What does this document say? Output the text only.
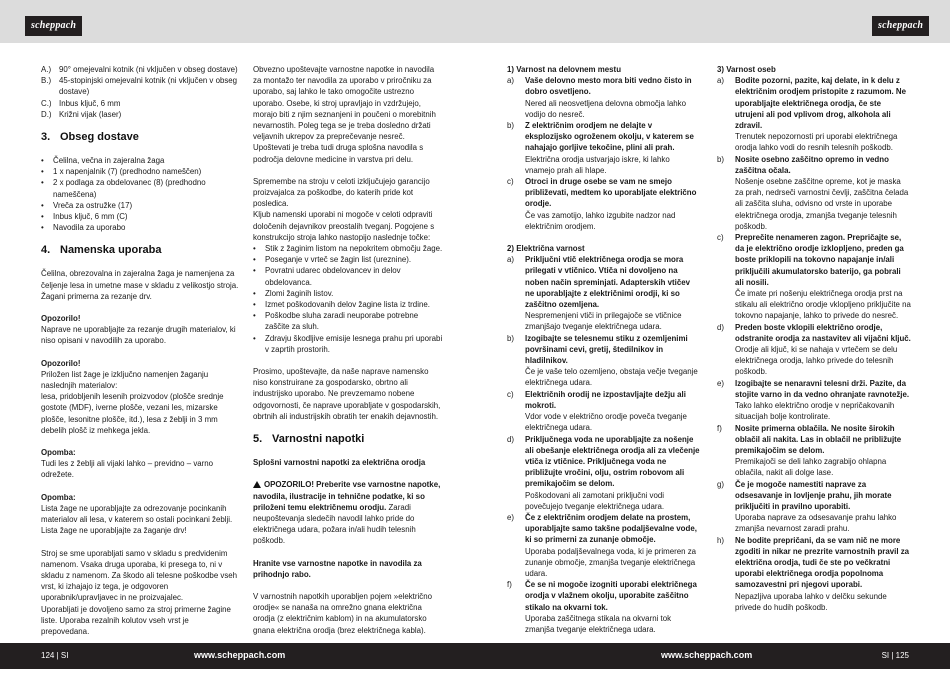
scheppach	scheppach
A.) 90° omejevalni kotnik (ni vključen v obseg dostave)
B.) 45-stopinjski omejevalni kotnik (ni vključen v obseg dostave)
C.) Inbus ključ, 6 mm
D.) Križni vijak (laser)
3. Obseg dostave
• Čelilna, večna in zajeralna žaga
• 1 x napenjalnik (7) (predhodno nameščen)
• 2 x podlaga za obdelovanec (8) (predhodno nameščena)
• Vreča za ostružke (17)
• Inbus ključ, 6 mm (C)
• Navodila za uporabo
4. Namenska uporaba

Čelilna, obrezovalna in zajeralna žaga je namenjena za čeljenje lesa in umetne mase v skladu z velikostjo stroja. Žagani primerna za rezanje drv.

Opozorilo!

Naprave ne uporabljajte za rezanje drugih materialov, ki niso opisani v navodilih za uporabo.

Opozorilo!

Priložen list žage je izključno namenjen žaganju naslednjih materialov:
lesa, pridobljenih lesenih proizvodov (plošče srednje gostote (MDF), iverne plošče, vezani les, mizarske plošče, lesonitne plošče, itd.), lesa z žeblji in 3 mm debelih plošč iz mehkega jekla.

Opomba:

Tudi les z žeblji ali vijaki lahko – previdno – varno odrežete.

Opomba:

Lista žage ne uporabljajte za odrezovanje pocinkanih materialov ali lesa, v katerem so ostali pocinkani žeblji. Lista žage ne uporabljajte za žaganje drv!

Stroj se sme uporabljati samo v skladu s predvidenim namenom. Vsaka druga uporaba, ki presega to, ni v skladu z namenom. Za škodo ali telesne poškodbe vseh vrst, ki izhajajo iz tega, je odgovoren uporabnik/upravljavec in ne proizvajalec.
Uporabljati je dovoljeno samo za stroj primerne žagine liste. Uporaba rezalnih kolutov vseh vrst je prepovedana.

Obvezno upoštevajte varnostne napotke in navodila za montažo ter navodila za uporabo v priročniku za uporabo, saj lahko le tako omogočite ustrezno uporabo. Osebe, ki stroj upravljajo in vzdržujejo, morajo biti z njim seznanjeni in poučeni o morebitnih nevarnostih. Poleg tega se je treba dosledno držati veljavnih ukrepov za preprečevanje nesreč.
Upoštevati je treba tudi druga splošna navodila s področja delovne medicine in varstva pri delu.

Spremembe na stroju v celoti izključujejo garancijo proizvajalca za poškodbe, do katerih pride kot posledica.
Kljub namenski uporabi ni mogoče v celoti odpraviti določenih dejavnikov preostalih tveganj. Pogojene s konstrukcijo stroja lahko nastopijo naslednje točke:

• Stik z žaginim listom na nepokritem območju žage.
• Poseganje v vrteč se žagin list (ureznine).
• Povratni udarec obdelovancev in delov obdelovanca.
• Zlomi žaginih listov.
• Izmet poškodovanih delov žagine lista iz trdine.
• Poškodbe sluha zaradi neuporabe potrebne zaščite za sluh.
• Zdravju škodljive emisije lesnega prahu pri uporabi v zaprtih prostorih.

Prosimo, upoštevajte, da naše naprave namensko niso konstruirane za gospodarsko, obrtno ali industrijsko uporabo. Ne prevzemamo nobene odgovornosti, če naprave uporabljate v gospodarskih, obrtnih ali industrijskih obratih ter enakih dejavnostih.

5. Varnostni napotki

Splošni varnostni napotki za električna orodja

OPOZORILO! Preberite vse varnostne napotke, navodila, ilustracije in tehnične podatke, ki so priloženi temu električnemu orodju. Zaradi neupoštevanja sledečih navodil lahko pride do električnega udara, požara in/ali hudih telesnih poškodb.

Hranite vse varnostne napotke in navodila za prihodnjo rabo.

V varnostnih napotkih uporabljen pojem »električno orodje« se nanaša na omrežno gnana električna orodja (z električnim kablom) in na akumulatorsko gnana električna orodja (brez električnega kabla).

1) Varnost na delovnem mestu

a) Vaše delovno mesto mora biti vedno čisto in dobro osvetljeno.
Nered ali neosvetljena delovna območja lahko vodijo do nesreč.
b) Z električnim orodjem ne delajte v eksplozijsko ogroženem okolju, v katerem se nahajajo gorljive tekočine, plini ali prah.
Električna orodja ustvarjajo iskre, ki lahko vnamejo prah ali hlape.
c) Otroci in druge osebe se vam ne smejo približevati, medtem ko uporabljate električno orodje.
Če vas zamotijo, lahko izgubite nadzor nad električnim orodjem.

2) Električna varnost

a) Priključni vtič električnega orodja se mora prilegati v vtičnico. Vtiča ni dovoljeno na noben način spreminjati. Adapterskih vtičev ne uporabljajte z električnimi orodji, ki so zaščitno ozemljena.
Nespremenjeni vtiči in prilegajoče se vtičnice zmanjšajo tveganje električnega udara.
b) Izogibajte se telesnemu stiku z ozemljenimi površinami cevi, gretij, štedilnikov in hladilnikov.
Če je vaše telo ozemljeno, obstaja večje tveganje električnega udara.
c) Električnih orodij ne izpostavljajte dežju ali mokroti.
Vdor vode v električno orodje poveča tveganje električnega udara.
d) Priključnega voda ne uporabljajte za nošenje ali obešanje električnega orodja ali za vlečenje vtiča iz vtičnice. Priključnega voda ne približujte vročini, olju, ostrim robovom ali premikajočim se delom.
Poškodovani ali zamotani priključni vodi povečujejo tveganje električnega udara.
e) Če z električnim orodjem delate na prostem, uporabljajte samo takšne podaljševalne vode, ki so primerni za zunanje območje.
Uporaba podaljševalnega voda, ki je primeren za zunanje območje, zmanjša tveganje električnega udara.
f) Če se ni mogoče izogniti uporabi električnega orodja v vlažnem okolju, uporabite zaščitno stikalo na okvarni tok.
Uporaba zaščitnega stikala na okvarni tok zmanjša tveganje električnega udara.

3) Varnost oseb

a) Bodite pozorni, pazite, kaj delate, in k delu z električnim orodjem pristopite z razumom. Ne uporabljajte električnega orodja, če ste utrujeni ali pod vplivom drog, alkohola ali zdravil.
Trenutek nepozornosti pri uporabi električnega orodja lahko vodi do resnih telesnih poškodb.
b) Nosite osebno zaščitno opremo in vedno zaščitna očala.
Nošenje osebne zaščitne opreme, kot je maska za prah, nedrseči varnostni čevlji, zaščitna čelada ali zaščita sluha, odvisno od vrste in uporabe električnega orodja, zmanjša tveganje telesnih poškodb.
c) Preprečite nenameren zagon. Prepričajte se, da je električno orodje izklopljeno, preden ga boste priklopili na tokovno napajanje in/ali priključili akumulatorsko baterijo, ga pobrali ali nosili.
Če imate pri nošenju električnega orodja prst na stikalu ali električno orodje vklopljeno priključite na tokovno napajanje, lahko to privede do nesreč.
d) Preden boste vklopili električno orodje, odstranite orodja za nastavitev ali vijačni ključ.
Orodje ali ključ, ki se nahaja v vrtečem se delu električnega orodja, lahko privede do telesnih poškodb.
e) Izogibajte se nenaravni telesni drži. Pazite, da stojite varno in da vedno ohranjate ravnotežje.
Tako lahko električno orodje v nepričakovanih situacijah bolje kontrolirate.
f) Nosite primerna oblačila. Ne nosite širokih oblačil ali nakita. Las in oblačil ne približujte premikajočim se delom.
Premikajoči se deli lahko zagrabijo ohlapna oblačila, nakit ali dolge lase.
g) Če je mogoče namestiti naprave za odsesavanje in lovljenje prahu, jih morate priključiti in pravilno uporabiti.
Uporaba naprave za odsesavanje prahu lahko zmanjša nevarnost zaradi prahu.
h) Ne bodite prepričani, da se vam nič ne more zgoditi in nikar ne prezrite varnostnih pravil za električna orodja, tudi če ste po večkratni uporabi električnega orodja popolnoma samozavestni pri njegovi uporabi.
Nepazljiva uporaba lahko v delčku sekunde privede do hudih poškodb.
124 | SI	www.scheppach.com	www.scheppach.com	SI | 125
